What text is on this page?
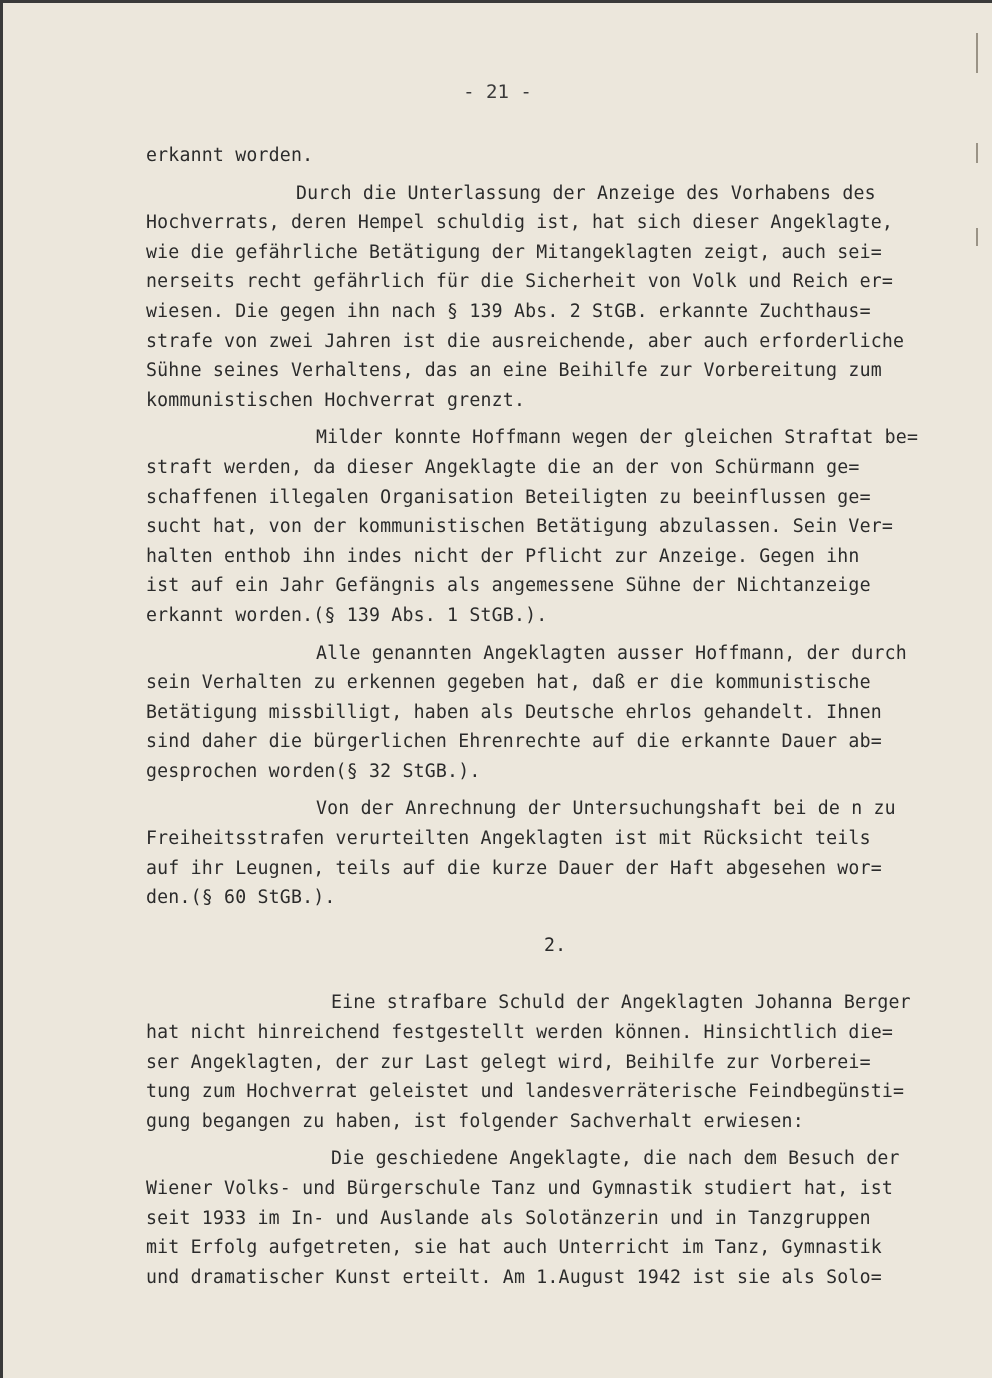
- 21 -
erkannt worden.
Durch die Unterlassung der Anzeige des Vorhabens des
Hochverrats, deren Hempel schuldig ist, hat sich dieser Angeklagte,
wie die gefährliche Betätigung der Mitangeklagten zeigt, auch sei=
nerseits recht gefährlich für die Sicherheit von Volk und Reich er=
wiesen. Die gegen ihn nach § 139 Abs. 2 StGB. erkannte Zuchthaus=
strafe von zwei Jahren ist die ausreichende, aber auch erforderliche
Sühne seines Verhaltens, das an eine Beihilfe zur Vorbereitung zum
kommunistischen Hochverrat grenzt.
Milder konnte Hoffmann wegen der gleichen Straftat be=
straft werden, da dieser Angeklagte die an der von Schürmann ge=
schaffenen illegalen Organisation Beteiligten zu beeinflussen ge=
sucht hat, von der kommunistischen Betätigung abzulassen. Sein Ver=
halten enthob ihn indes nicht der Pflicht zur Anzeige. Gegen ihn
ist auf ein Jahr Gefängnis als angemessene Sühne der Nichtanzeige
erkannt worden.(§ 139 Abs. 1 StGB.).
Alle genannten Angeklagten ausser Hoffmann, der durch
sein Verhalten zu erkennen gegeben hat, daß er die kommunistische
Betätigung missbilligt, haben als Deutsche ehrlos gehandelt. Ihnen
sind daher die bürgerlichen Ehrenrechte auf die erkannte Dauer ab=
gesprochen worden(§ 32 StGB.).
Von der Anrechnung der Untersuchungshaft bei de n zu
Freiheitsstrafen verurteilten Angeklagten ist mit Rücksicht teils
auf ihr Leugnen, teils auf die kurze Dauer der Haft abgesehen wor=
den.(§ 60 StGB.).
2.
Eine strafbare Schuld der Angeklagten Johanna Berger
hat nicht hinreichend festgestellt werden können. Hinsichtlich die=
ser Angeklagten, der zur Last gelegt wird, Beihilfe zur Vorberei=
tung zum Hochverrat geleistet und landesverräterische Feindbegünsti=
gung begangen zu haben, ist folgender Sachverhalt erwiesen:
Die geschiedene Angeklagte, die nach dem Besuch der
Wiener Volks- und Bürgerschule Tanz und Gymnastik studiert hat, ist
seit 1933 im In- und Auslande als Solotänzerin und in Tanzgruppen
mit Erfolg aufgetreten, sie hat auch Unterricht im Tanz, Gymnastik
und dramatischer Kunst erteilt. Am 1.August 1942 ist sie als Solo=
